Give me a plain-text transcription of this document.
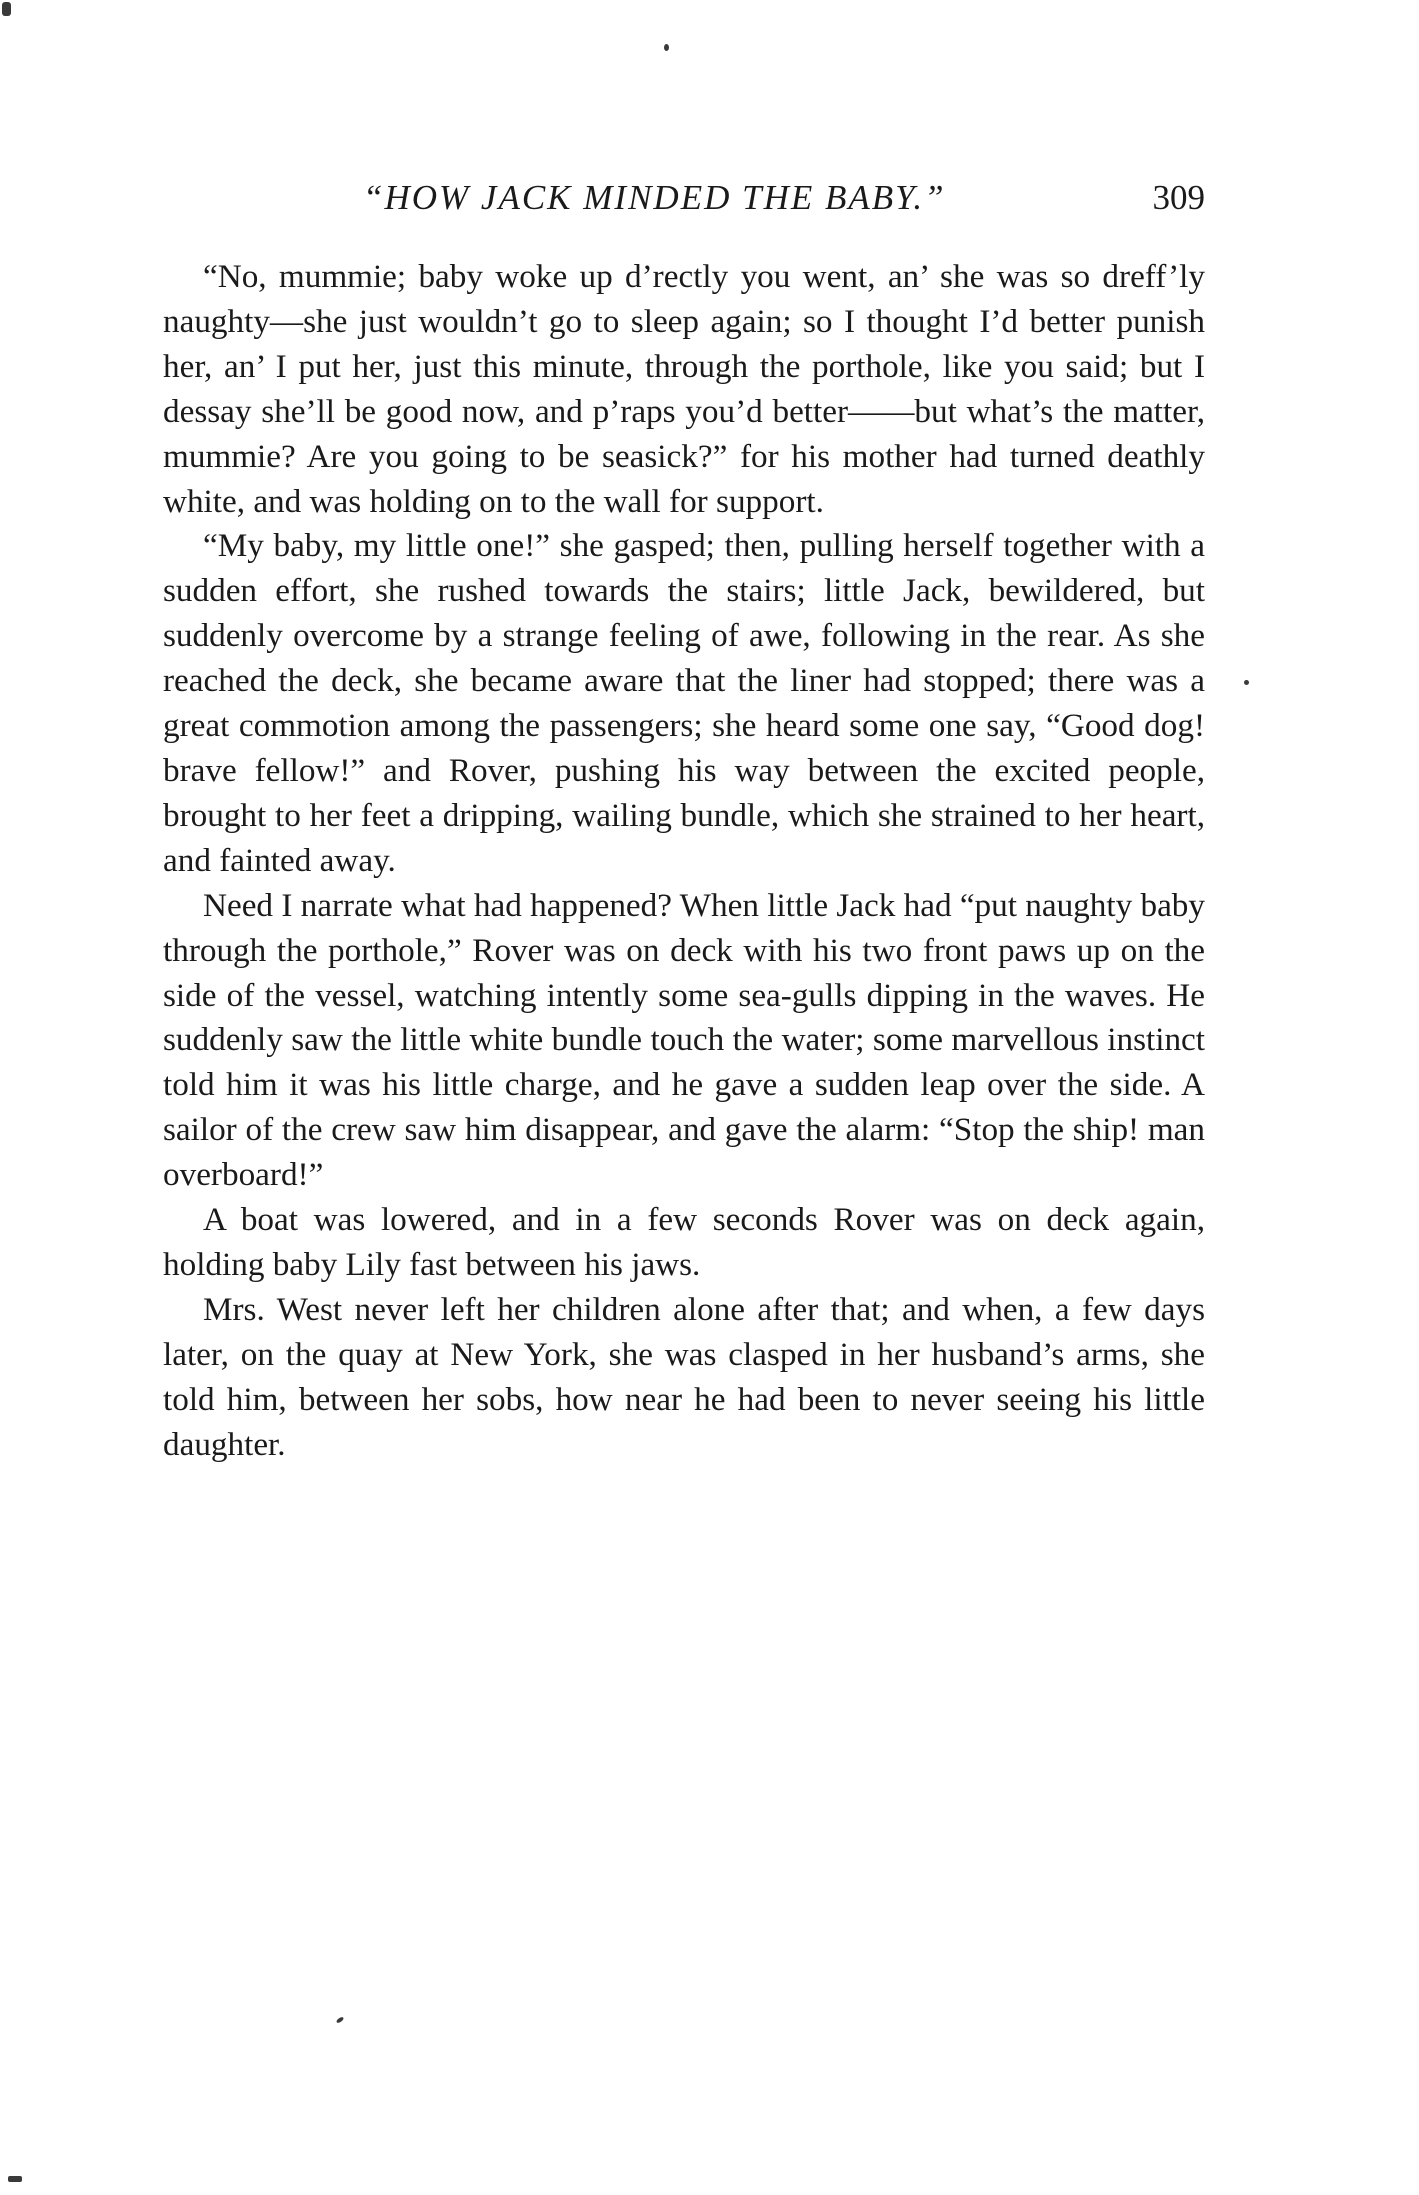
“HOW JACK MINDED THE BABY.”	309

“No, mummie; baby woke up d’rectly you went, an’ she was so dreff’ly naughty—she just wouldn’t go to sleep again; so I thought I’d better punish her, an’ I put her, just this minute, through the porthole, like you said; but I dessay she’ll be good now, and p’raps you’d better——but what’s the matter, mummie? Are you going to be seasick?” for his mother had turned deathly white, and was holding on to the wall for support.

“My baby, my little one!” she gasped; then, pulling herself together with a sudden effort, she rushed towards the stairs; little Jack, bewildered, but suddenly overcome by a strange feeling of awe, following in the rear. As she reached the deck, she became aware that the liner had stopped; there was a great commotion among the passengers; she heard some one say, “Good dog! brave fellow!” and Rover, pushing his way between the excited people, brought to her feet a dripping, wailing bundle, which she strained to her heart, and fainted away.

Need I narrate what had happened? When little Jack had “put naughty baby through the porthole,” Rover was on deck with his two front paws up on the side of the vessel, watching intently some sea-gulls dipping in the waves. He suddenly saw the little white bundle touch the water; some marvellous instinct told him it was his little charge, and he gave a sudden leap over the side. A sailor of the crew saw him disappear, and gave the alarm: “Stop the ship! man overboard!”

A boat was lowered, and in a few seconds Rover was on deck again, holding baby Lily fast between his jaws.

Mrs. West never left her children alone after that; and when, a few days later, on the quay at New York, she was clasped in her husband’s arms, she told him, between her sobs, how near he had been to never seeing his little daughter.
